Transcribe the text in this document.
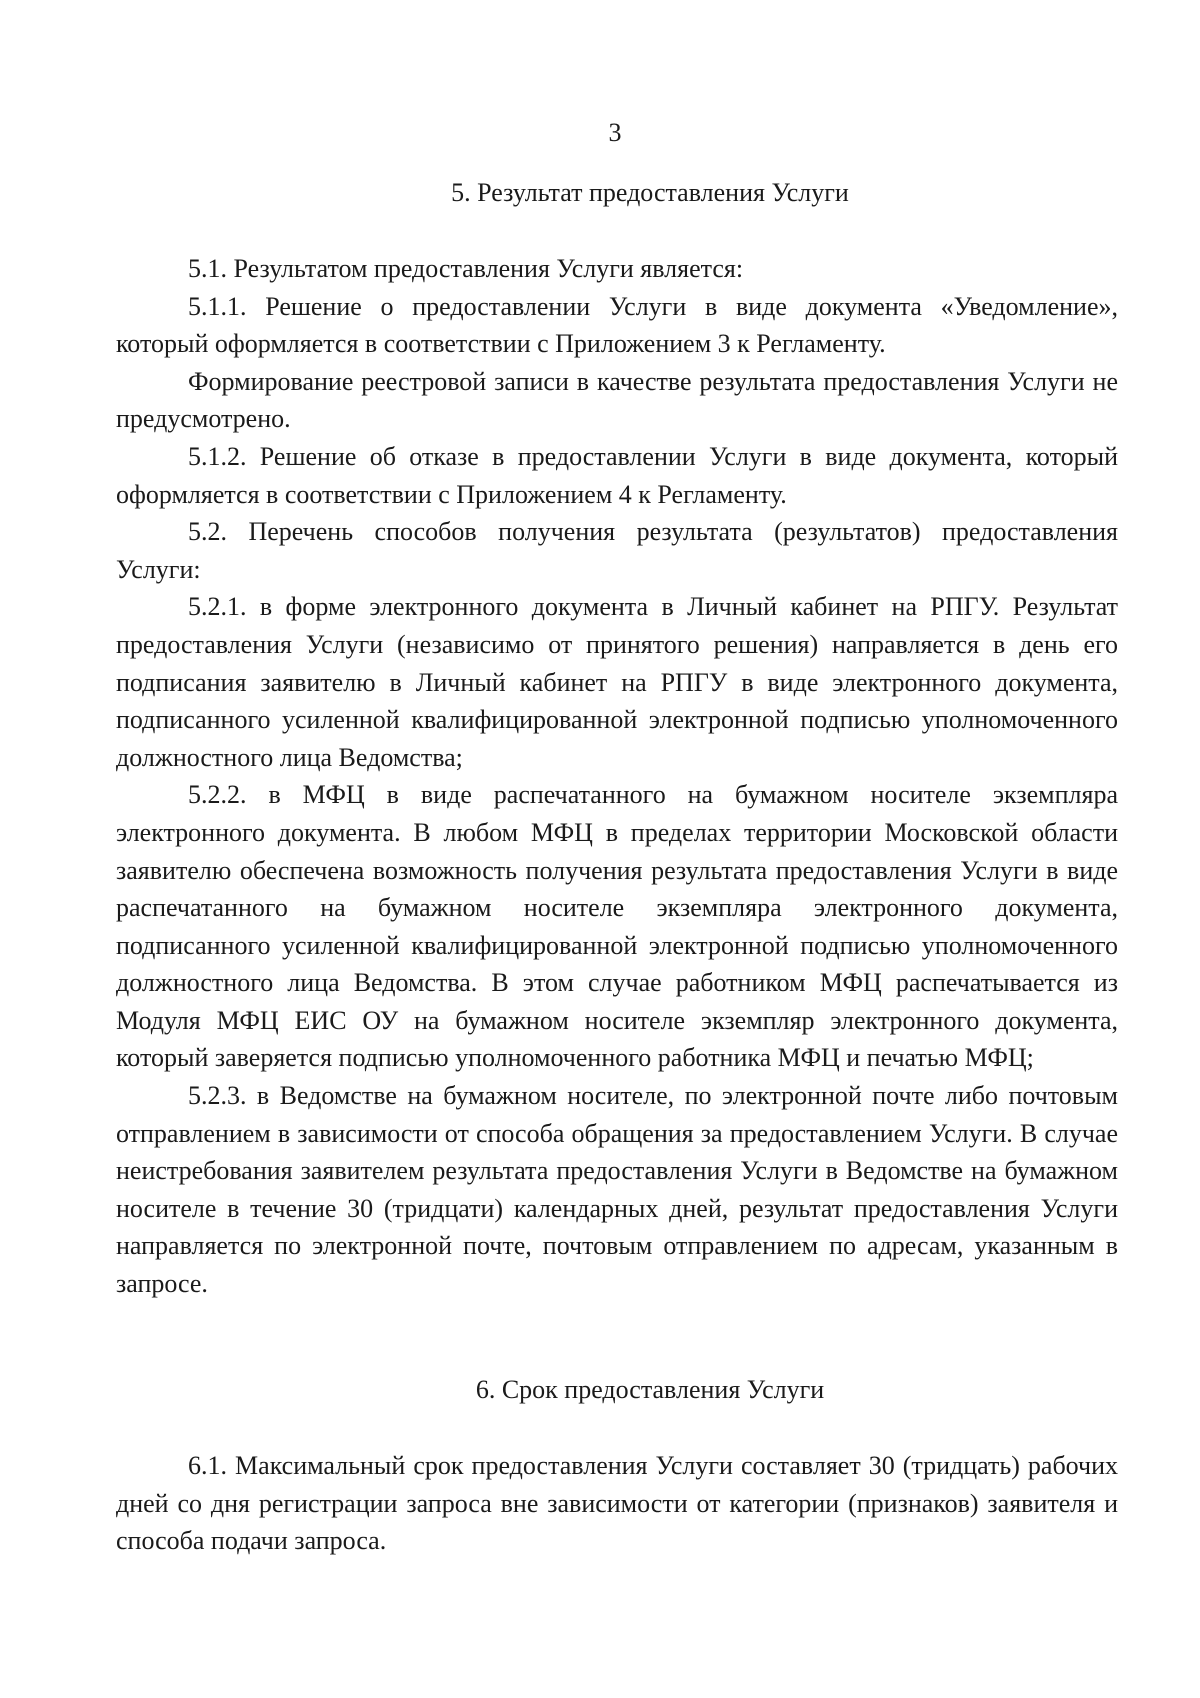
3
5. Результат предоставления Услуги

5.1. Результатом предоставления Услуги является:

5.1.1. Решение о предоставлении Услуги в виде документа «Уведомление», который оформляется в соответствии с Приложением 3 к Регламенту.

Формирование реестровой записи в качестве результата предоставления Услуги не предусмотрено.

5.1.2. Решение об отказе в предоставлении Услуги в виде документа, который оформляется в соответствии с Приложением 4 к Регламенту.

5.2. Перечень способов получения результата (результатов) предоставления Услуги:

5.2.1. в форме электронного документа в Личный кабинет на РПГУ. Результат предоставления Услуги (независимо от принятого решения) направляется в день его подписания заявителю в Личный кабинет на РПГУ в виде электронного документа, подписанного усиленной квалифицированной электронной подписью уполномоченного должностного лица Ведомства;

5.2.2. в МФЦ в виде распечатанного на бумажном носителе экземпляра электронного документа. В любом МФЦ в пределах территории Московской области заявителю обеспечена возможность получения результата предоставления Услуги в виде распечатанного на бумажном носителе экземпляра электронного документа, подписанного усиленной квалифицированной электронной подписью уполномоченного должностного лица Ведомства. В этом случае работником МФЦ распечатывается из Модуля МФЦ ЕИС ОУ на бумажном носителе экземпляр электронного документа, который заверяется подписью уполномоченного работника МФЦ и печатью МФЦ;

5.2.3. в Ведомстве на бумажном носителе, по электронной почте либо почтовым отправлением в зависимости от способа обращения за предоставлением Услуги. В случае неистребования заявителем результата предоставления Услуги в Ведомстве на бумажном носителе в течение 30 (тридцати) календарных дней, результат предоставления Услуги направляется по электронной почте, почтовым отправлением по адресам, указанным в запросе.

6. Срок предоставления Услуги

6.1. Максимальный срок предоставления Услуги составляет 30 (тридцать) рабочих дней со дня регистрации запроса вне зависимости от категории (признаков) заявителя и способа подачи запроса.
